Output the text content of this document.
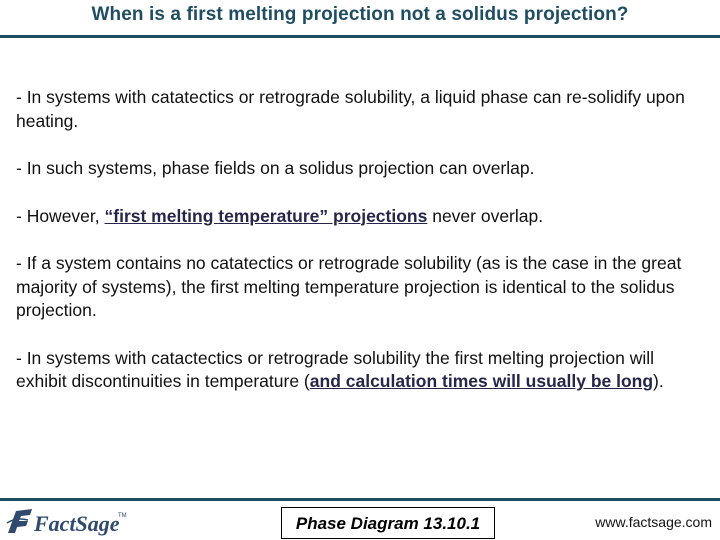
When is a first melting projection not a solidus projection?

- In systems with catatectics or retrograde solubility, a liquid phase can re-solidify upon heating.

- In such systems, phase fields on a solidus projection can overlap.

- However, “first melting temperature” projections never overlap.

- If a system contains no catatectics or retrograde solubility (as is the case in the great majority of systems), the first melting temperature projection is identical to the solidus projection.

- In systems with catactectics or retrograde solubility the first melting projection will exhibit discontinuities in temperature (and calculation times will usually be long).

FactSage
TM	Phase Diagram 13.10.1	www.factsage.com
